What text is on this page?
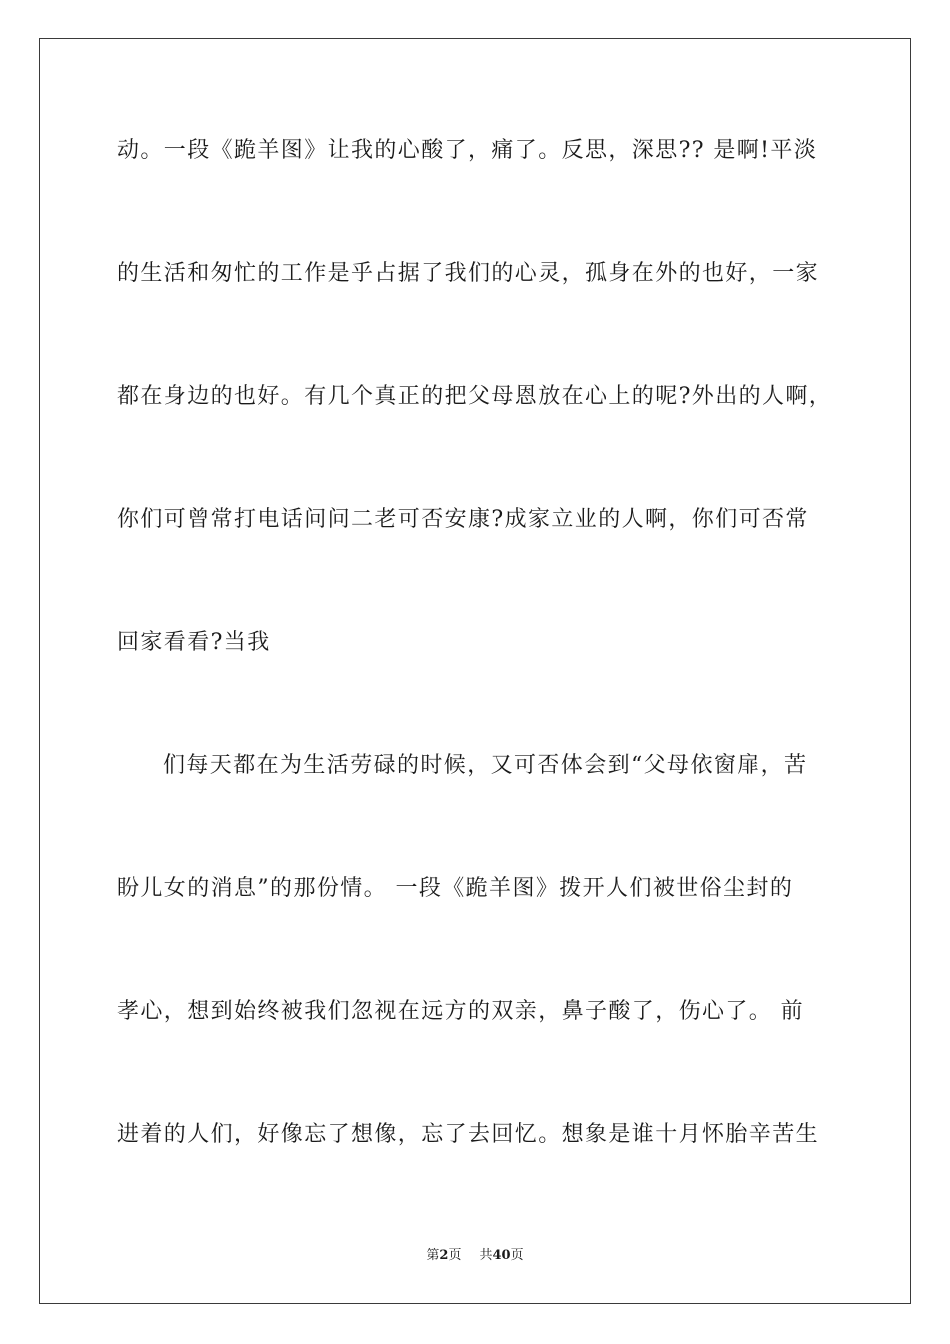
动。一段《跪羊图》让我的心酸了，痛了。反思，深思?? 是啊!平淡
的生活和匆忙的工作是乎占据了我们的心灵，孤身在外的也好，一家
都在身边的也好。有几个真正的把父母恩放在心上的呢?外出的人啊，
你们可曾常打电话问问二老可否安康?成家立业的人啊，你们可否常
回家看看?当我
们每天都在为生活劳碌的时候，又可否体会到“父母依窗扉，苦
盼儿女的消息”的那份情。 一段《跪羊图》拨开人们被世俗尘封的
孝心，想到始终被我们忽视在远方的双亲，鼻子酸了，伤心了。 前
进着的人们，好像忘了想像，忘了去回忆。想象是谁十月怀胎辛苦生
第2页 共40页
